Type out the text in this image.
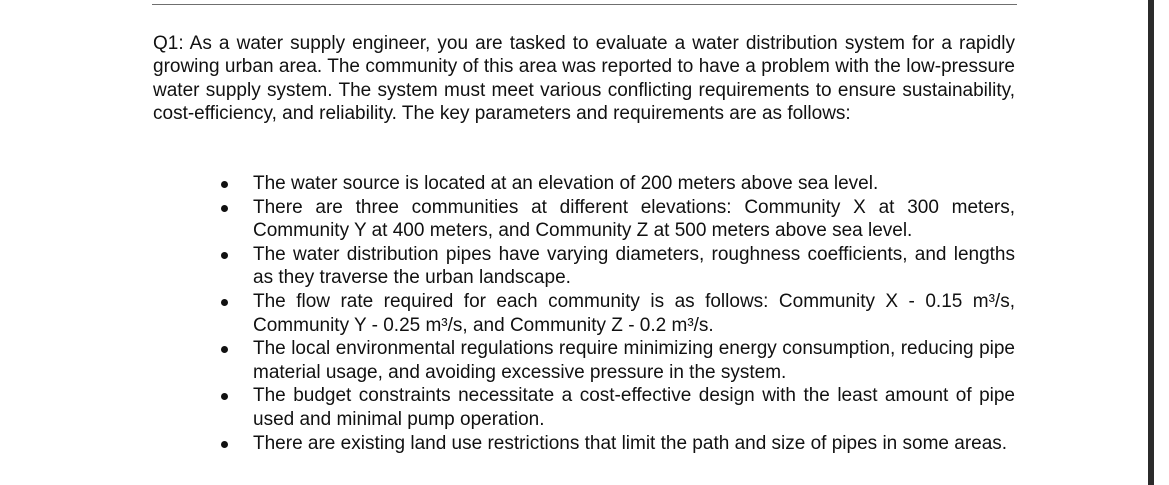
Q1: As a water supply engineer, you are tasked to evaluate a water distribution system for a rapidly growing urban area. The community of this area was reported to have a problem with the low-pressure water supply system. The system must meet various conflicting requirements to ensure sustainability, cost-efficiency, and reliability. The key parameters and requirements are as follows:

The water source is located at an elevation of 200 meters above sea level.
There are three communities at different elevations: Community X at 300 meters, Community Y at 400 meters, and Community Z at 500 meters above sea level.
The water distribution pipes have varying diameters, roughness coefficients, and lengths as they traverse the urban landscape.
The flow rate required for each community is as follows: Community X - 0.15 m³/s, Community Y - 0.25 m³/s, and Community Z - 0.2 m³/s.
The local environmental regulations require minimizing energy consumption, reducing pipe material usage, and avoiding excessive pressure in the system.
The budget constraints necessitate a cost-effective design with the least amount of pipe used and minimal pump operation.
There are existing land use restrictions that limit the path and size of pipes in some areas.
